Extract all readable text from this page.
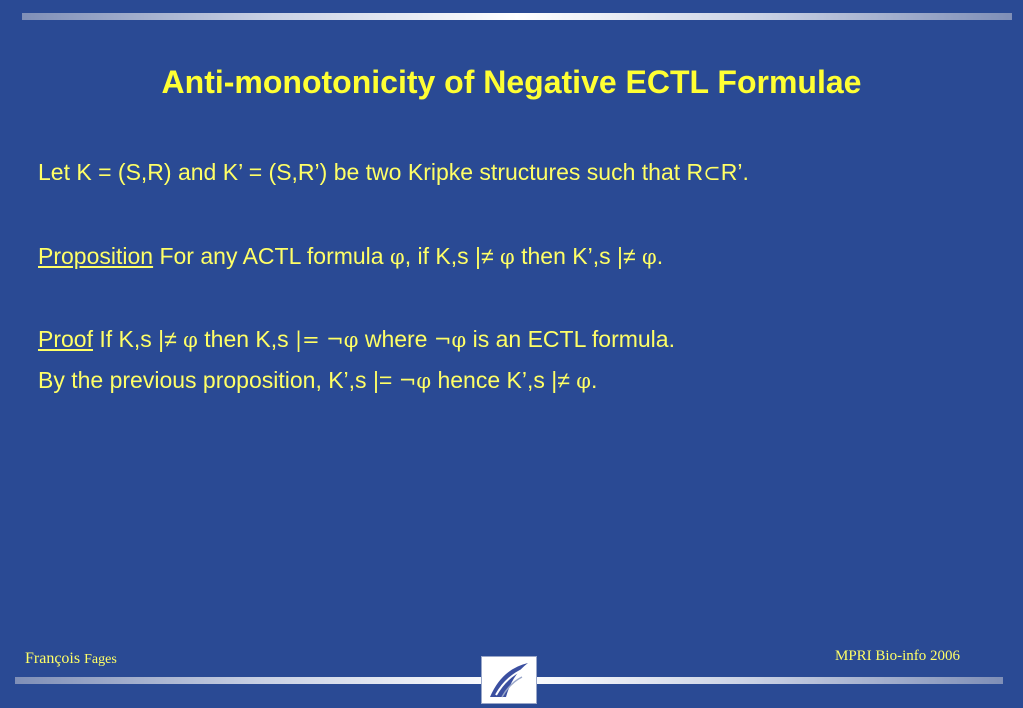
Anti-monotonicity of Negative ECTL Formulae
Let K = (S,R) and K’ = (S,R’) be two Kripke structures such that R⊂R’.
Proposition For any ACTL formula φ, if K,s |≠ φ then K’,s |≠ φ.
Proof If K,s |≠ φ then K,s |= ¬φ where ¬φ is an ECTL formula.
By the previous proposition, K’,s |= ¬φ hence K’,s |≠ φ.
François Fages	MPRI Bio-info 2006
